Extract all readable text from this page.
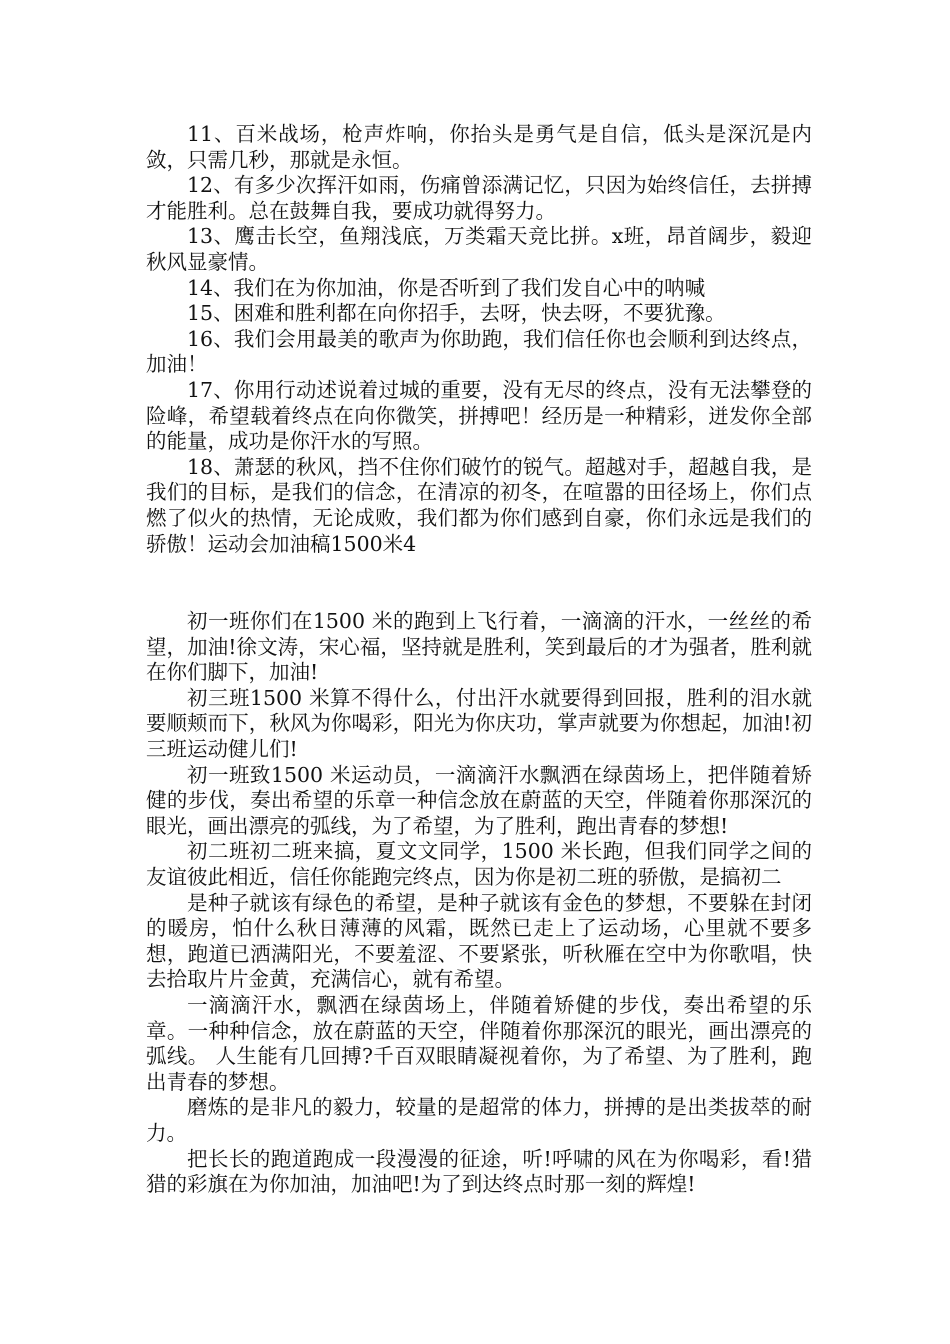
11、百米战场，枪声炸响，你抬头是勇气是自信，低头是深沉是内敛，只需几秒，那就是永恒。

12、有多少次挥汗如雨，伤痛曾添满记忆，只因为始终信任，去拼搏才能胜利。总在鼓舞自我，要成功就得努力。

13、鹰击长空，鱼翔浅底，万类霜天竞比拼。x班，昂首阔步，毅迎秋风显豪情。

14、我们在为你加油，你是否听到了我们发自心中的呐喊

15、困难和胜利都在向你招手，去呀，快去呀，不要犹豫。

16、我们会用最美的歌声为你助跑，我们信任你也会顺利到达终点，加油！

17、你用行动述说着过城的重要，没有无尽的终点，没有无法攀登的险峰，希望载着终点在向你微笑，拼搏吧！经历是一种精彩，迸发你全部的能量，成功是你汗水的写照。

18、萧瑟的秋风，挡不住你们破竹的锐气。超越对手，超越自我，是我们的目标，是我们的信念，在清凉的初冬，在喧嚣的田径场上，你们点燃了似火的热情，无论成败，我们都为你们感到自豪，你们永远是我们的骄傲！运动会加油稿1500米4

初一班你们在1500 米的跑到上飞行着，一滴滴的汗水，一丝丝的希望，加油!徐文涛，宋心福，坚持就是胜利，笑到最后的才为强者，胜利就在你们脚下，加油!

初三班1500 米算不得什么，付出汗水就要得到回报，胜利的泪水就要顺颊而下，秋风为你喝彩，阳光为你庆功，掌声就要为你想起，加油!初三班运动健儿们!

初一班致1500 米运动员，一滴滴汗水飘洒在绿茵场上，把伴随着矫健的步伐，奏出希望的乐章一种信念放在蔚蓝的天空，伴随着你那深沉的眼光，画出漂亮的弧线，为了希望，为了胜利，跑出青春的梦想!

初二班初二班来搞，夏文文同学，1500 米长跑，但我们同学之间的友谊彼此相近，信任你能跑完终点，因为你是初二班的骄傲，是搞初二

是种子就该有绿色的希望，是种子就该有金色的梦想，不要躲在封闭的暖房，怕什么秋日薄薄的风霜，既然已走上了运动场，心里就不要多想，跑道已洒满阳光，不要羞涩、不要紧张，听秋雁在空中为你歌唱，快去拾取片片金黄，充满信心，就有希望。

一滴滴汗水，飘洒在绿茵场上，伴随着矫健的步伐，奏出希望的乐章。一种种信念，放在蔚蓝的天空，伴随着你那深沉的眼光，画出漂亮的弧线。 人生能有几回搏?千百双眼睛凝视着你，为了希望、为了胜利，跑出青春的梦想。

磨炼的是非凡的毅力，较量的是超常的体力，拼搏的是出类拔萃的耐力。

把长长的跑道跑成一段漫漫的征途，听!呼啸的风在为你喝彩，看!猎猎的彩旗在为你加油，加油吧!为了到达终点时那一刻的辉煌!
